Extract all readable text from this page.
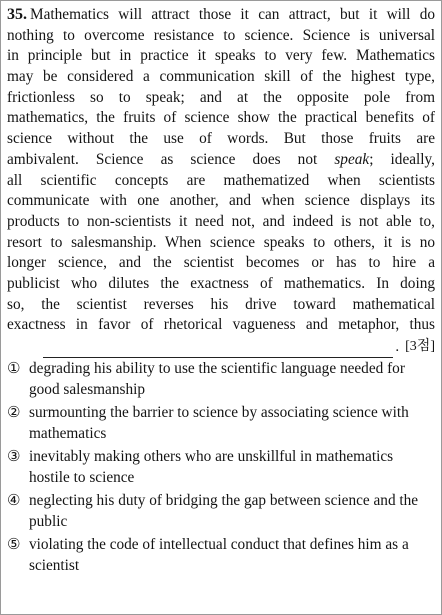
35. Mathematics will attract those it can attract, but it will do
nothing to overcome resistance to science. Science is universal
in principle but in practice it speaks to very few. Mathematics
may be considered a communication skill of the highest type,
frictionless so to speak; and at the opposite pole from
mathematics, the fruits of science show the practical benefits of
science without the use of words. But those fruits are
ambivalent. Science as science does not speak; ideally,
all scientific concepts are mathematized when scientists
communicate with one another, and when science displays its
products to non-scientists it need not, and indeed is not able to,
resort to salesmanship. When science speaks to others, it is no
longer science, and the scientist becomes or has to hire a
publicist who dilutes the exactness of mathematics. In doing
so, the scientist reverses his drive toward mathematical
exactness in favor of rhetorical vagueness and metaphor, thus
. [3점]
① degrading his ability to use the scientific language needed for good salesmanship
② surmounting the barrier to science by associating science with mathematics
③ inevitably making others who are unskillful in mathematics hostile to science
④ neglecting his duty of bridging the gap between science and the public
⑤ violating the code of intellectual conduct that defines him as a scientist
